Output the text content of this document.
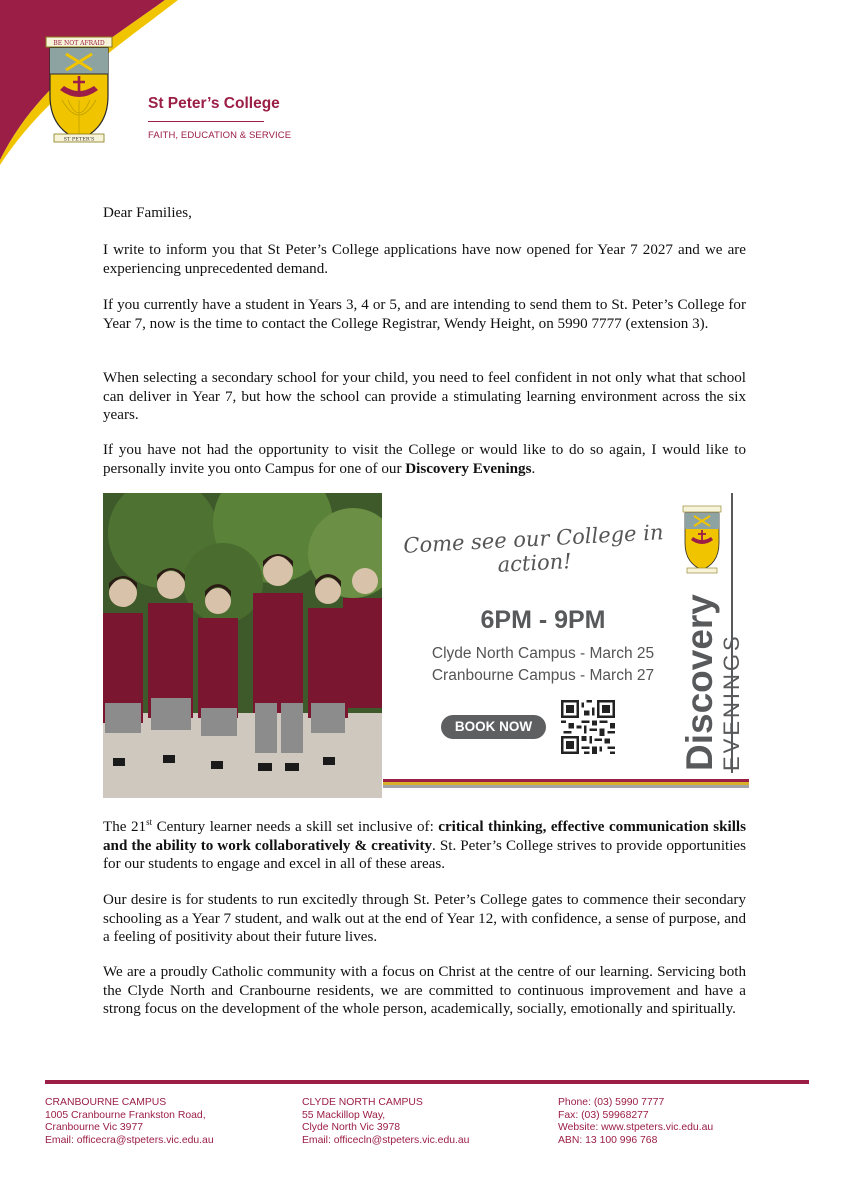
BE NOT AFRAID
ST PETER’S
St Peter’s College
FAITH, EDUCATION & SERVICE

Dear Families,

I write to inform you that St Peter’s College applications have now opened for Year 7 2027 and we are experiencing unprecedented demand.

If you currently have a student in Years 3, 4 or 5, and are intending to send them to St. Peter’s College for Year 7, now is the time to contact the College Registrar, Wendy Height, on 5990 7777 (extension 3).

When selecting a secondary school for your child, you need to feel confident in not only what that school can deliver in Year 7, but how the school can provide a stimulating learning environment across the six years.

If you have not had the opportunity to visit the College or would like to do so again, I would like to personally invite you onto Campus for one of our Discovery Evenings.

Come see our College in action!
6PM - 9PM
Clyde North Campus - March 25
Cranbourne Campus - March 27
BOOK NOW	Discovery EVENINGS

The 21st Century learner needs a skill set inclusive of: critical thinking, effective communication skills and the ability to work collaboratively & creativity. St. Peter’s College strives to provide opportunities for our students to engage and excel in all of these areas.

Our desire is for students to run excitedly through St. Peter’s College gates to commence their secondary schooling as a Year 7 student, and walk out at the end of Year 12, with confidence, a sense of purpose, and a feeling of positivity about their future lives.

We are a proudly Catholic community with a focus on Christ at the centre of our learning. Servicing both the Clyde North and Cranbourne residents, we are committed to continuous improvement and have a strong focus on the development of the whole person, academically, socially, emotionally and spiritually.

CRANBOURNE CAMPUS
1005 Cranbourne Frankston Road,
Cranbourne Vic 3977
Email: officecra@stpeters.vic.edu.au
CLYDE NORTH CAMPUS
55 Mackillop Way,
Clyde North Vic 3978
Email: officecln@stpeters.vic.edu.au
Phone: (03) 5990 7777
Fax: (03) 59968277
Website: www.stpeters.vic.edu.au
ABN: 13 100 996 768
